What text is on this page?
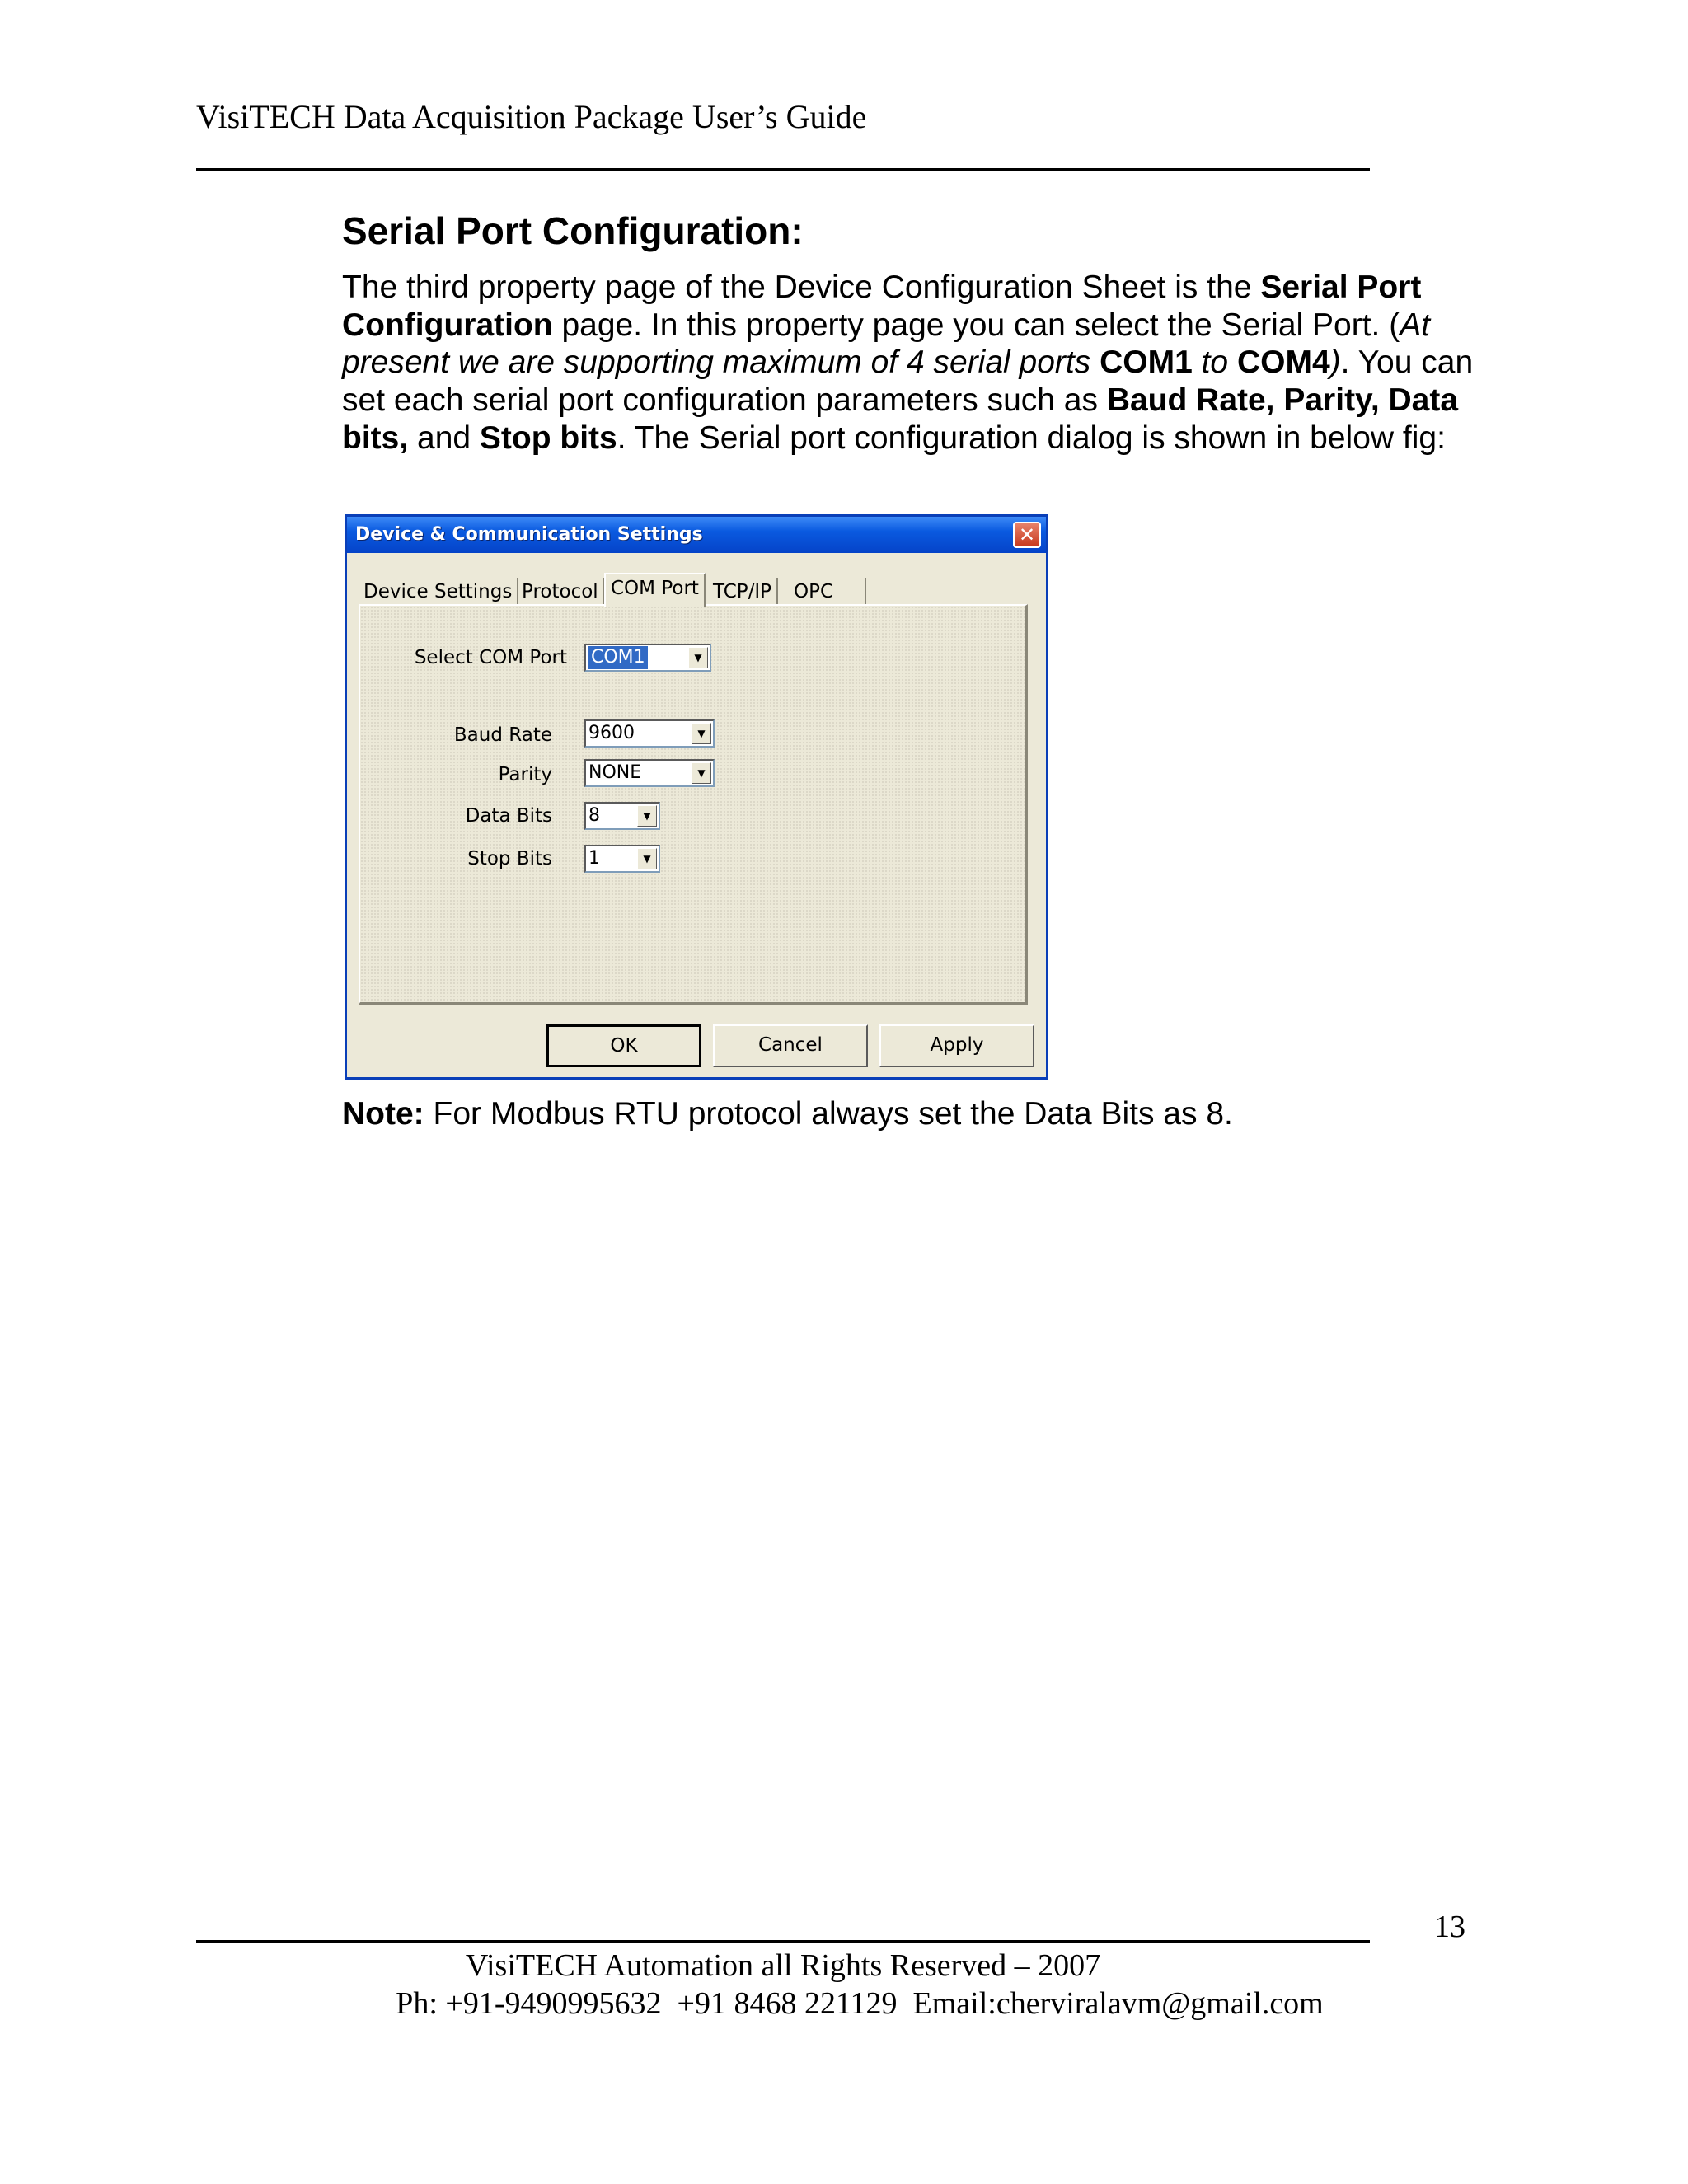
VisiTECH Data Acquisition Package User’s Guide
Serial Port Configuration:

The third property page of the Device Configuration Sheet is the Serial Port Configuration page. In this property page you can select the Serial Port. (At present we are supporting maximum of 4 serial ports COM1 to COM4). You can set each serial port configuration parameters such as Baud Rate, Parity, Data bits, and Stop bits. The Serial port configuration dialog is shown in below fig:

Device & Communication Settings	✕
Device Settings Protocol COM Port TCP/IP	OPC
Select COM Port COM1	▼
Baud Rate 9600	▼
Parity NONE	▼
Data Bits 8	▼
Stop Bits 1	▼
OK	Cancel	Apply
Note: For Modbus RTU protocol always set the Data Bits as 8.
13
VisiTECH Automation all Rights Reserved – 2007
Ph: +91-9490995632  +91 8468 221129  Email:cherviralavm@gmail.com
